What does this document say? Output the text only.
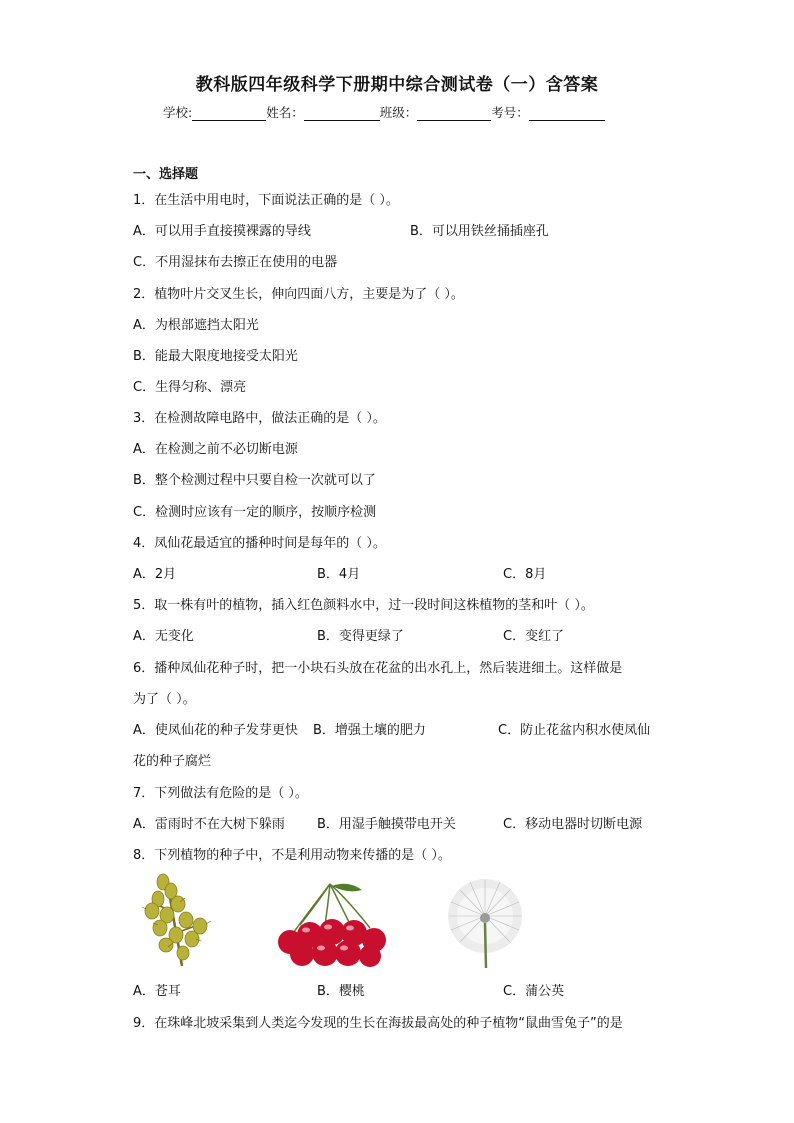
教科版四年级科学下册期中综合测试卷（一）含答案
学校:	姓名：	班级：	考号：
一、选择题
1．在生活中用电时，下面说法正确的是（ ）。
A．可以用手直接摸裸露的导线	B．可以用铁丝捅插座孔
C．不用湿抹布去擦正在使用的电器
2．植物叶片交叉生长，伸向四面八方，主要是为了（ ）。
A．为根部遮挡太阳光
B．能最大限度地接受太阳光
C．生得匀称、漂亮
3．在检测故障电路中，做法正确的是（ ）。
A．在检测之前不必切断电源
B．整个检测过程中只要自检一次就可以了
C．检测时应该有一定的顺序，按顺序检测
4．凤仙花最适宜的播种时间是每年的（ ）。
A．2月	B．4月	C．8月
5．取一株有叶的植物，插入红色颜料水中，过一段时间这株植物的茎和叶（ ）。
A．无变化	B．变得更绿了	C．变红了
6．播种凤仙花种子时，把一小块石头放在花盆的出水孔上，然后装进细土。这样做是
为了（ ）。
A．使凤仙花的种子发芽更快 B．增强土壤的肥力	C．防止花盆内积水使凤仙
花的种子腐烂
7．下列做法有危险的是（ ）。
A．雷雨时不在大树下躲雨 B．用湿手触摸带电开关	C．移动电器时切断电源
8．下列植物的种子中，不是利用动物来传播的是（ ）。
A．苍耳	B．樱桃	C．蒲公英
9．在珠峰北坡采集到人类迄今发现的生长在海拔最高处的种子植物“鼠曲雪兔子”的是
